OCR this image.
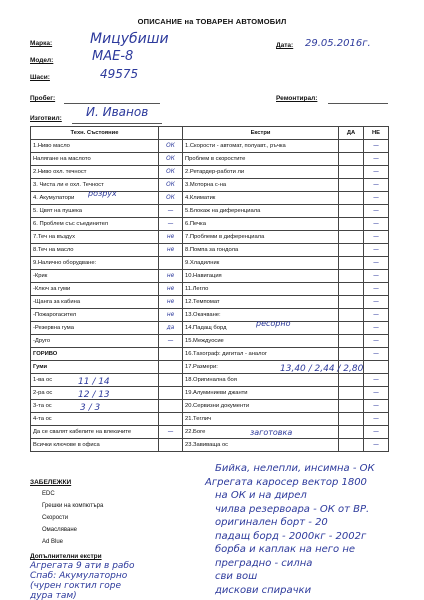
ОПИСАНИЕ на ТОВАРЕН АВТОМОБИЛ
Марка:	Мицубиши
Модел:	MAE-8
Шаси:	49575
Пробег:
Изготвил: И. Иванов
Дата: 29.05.2016г.
Ремонтирал:
Техн. Състояние		Екстри	ДА	НЕ
1.Ниво масло	ОК	1.Скорости - автомат, полуавт., ръчка		—
Налягане на маслото	ОК	Проблем в скоростите		—
2.Ниво охл. течност	ОК	2.Ретардер-работи ли		—
3. Чиста ли е охл. Течност	ОК	3.Моторна с-на		—
4. Акумулатори	ОК	4.Климатик		—
5. Цвят на пушека	—	5.Блокаж на диференциала		—
6. Проблем със съединител	—	6.Печка		—
7.Теч на въздух	не	7.Проблеми в диференциала		—
8.Теч на масло	не	8.Помпа за гондола		—
9.Налично оборудване:		9.Хладилник		—
-Крик	не	10.Навигация		—
-Ключ за гуми	не	11.Легло		—
-Щанга за кабина	не	12.Темпомат		—
-Пожарогасител	не	13.Окачване:		—
-Резервна гума	да	14.Падащ борд		—
-Друго	—	15.Междуосие		—
ГОРИВО		16.Тахограф: дигитал - аналог		—
Гуми		17.Размери:		
1-ва ос		18.Оригинална боя		—
2-ра ос		19.Алуминиеви джанти		—
3-та ос		20.Сервизни документи		—
4-та ос		21.Теглич		—
Да се свалят кабелите на влекачите	—	22.Боге		—
Всички ключове в офиса		23.Завиваща ос		—
розрух
ресорно
заготовка
13,40 / 2,44 / 2,80
11 / 14
12 / 13
3 / 3
ЗАБЕЛЕЖКИ
EDC
Грешки на компютъра
Скорости
Омасляване
Ad Blue
Допълнителни екстри
Бийка, нелепли, инсимна - ОК
Агрегата каросер вектор 1800
на ОК и на дирел
чилва резервоара - ОК от ВР.
оригинален борт - 20
падащ борд - 2000кг - 2002г
борба и каплак на него не
преградно - силна
сви вош
дискови спирачки
Агрегата 9 ати в рабо
Спаб: Акумулаторно
(чурен гоктил горе
дура там)
